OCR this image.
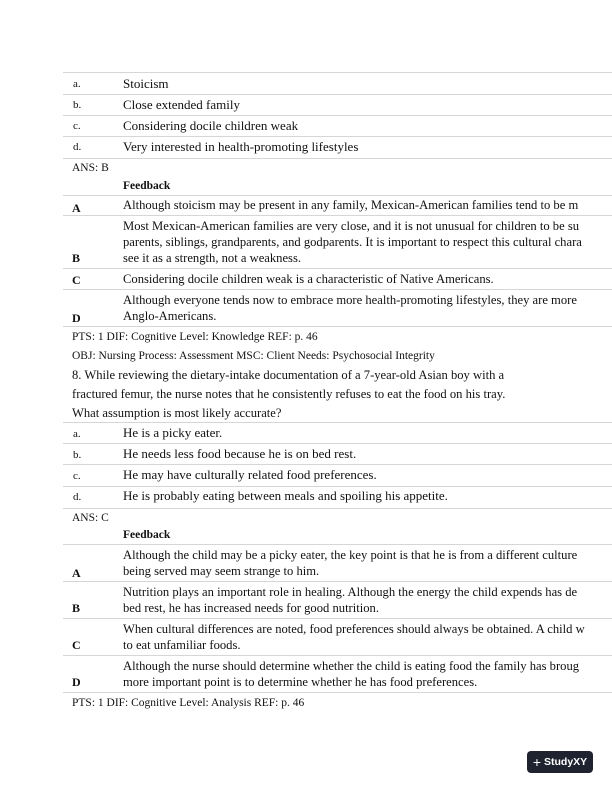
a.	Stoicism
b.	Close extended family
c.	Considering docile children weak
d.	Very interested in health-promoting lifestyles
ANS: B
Feedback
A	Although stoicism may be present in any family, Mexican-American families tend to be m
B
Most Mexican-American families are very close, and it is not unusual for children to be su
parents, siblings, grandparents, and godparents. It is important to respect this cultural chara
see it as a strength, not a weakness.
C	Considering docile children weak is a characteristic of Native Americans.
D
Although everyone tends now to embrace more health-promoting lifestyles, they are more
Anglo-Americans.
PTS: 1 DIF: Cognitive Level: Knowledge REF: p. 46
OBJ: Nursing Process: Assessment MSC: Client Needs: Psychosocial Integrity
8. While reviewing the dietary-intake documentation of a 7-year-old Asian boy with a
fractured femur, the nurse notes that he consistently refuses to eat the food on his tray.
What assumption is most likely accurate?
a.	He is a picky eater.
b.	He needs less food because he is on bed rest.
c.	He may have culturally related food preferences.
d.	He is probably eating between meals and spoiling his appetite.
ANS: C
Feedback
A
Although the child may be a picky eater, the key point is that he is from a different culture
being served may seem strange to him.
B
Nutrition plays an important role in healing. Although the energy the child expends has de
bed rest, he has increased needs for good nutrition.
C
When cultural differences are noted, food preferences should always be obtained. A child w
to eat unfamiliar foods.
D
Although the nurse should determine whether the child is eating food the family has broug
more important point is to determine whether he has food preferences.
PTS: 1 DIF: Cognitive Level: Analysis REF: p. 46
+ StudyXY
